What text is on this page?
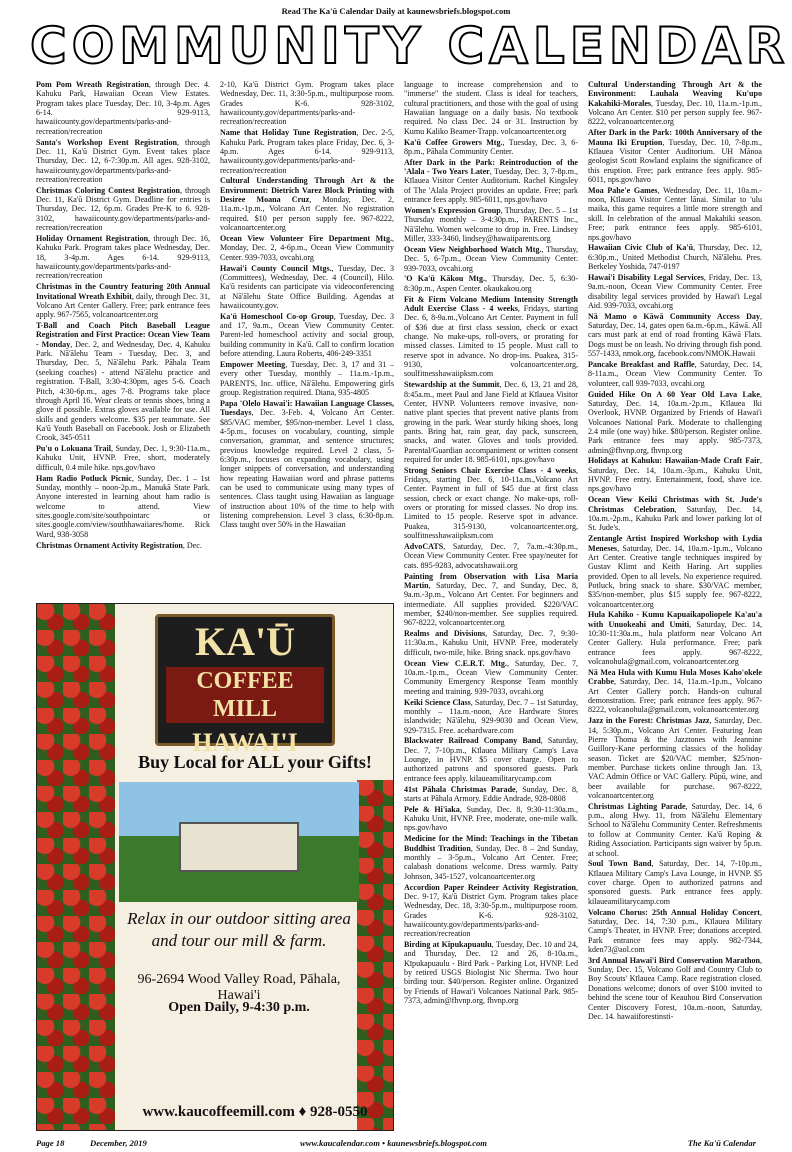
Read The Ka'ū Calendar Daily at kaunewsbriefs.blogspot.com
COMMUNITY CALENDAR
Pom Pom Wreath Registration, through Dec. 4. Kahuku Park, Hawaiian Ocean View Estates. Program takes place Tuesday, Dec. 10, 3-4p.m. Ages 6-14. 929-9113, hawaiicounty.gov/departments/parks-and-recreation/recreation
Santa's Workshop Event Registration, through Dec. 11, Ka'ū District Gym. Event takes place Thursday, Dec. 12, 6-7:30p.m. All ages. 928-3102, hawaiicounty.gov/departments/parks-and-recreation/recreation
Christmas Coloring Contest Registration, through Dec. 11, Ka'ū District Gym. Deadline for entries is Thursday, Dec. 12, 6p.m. Grades Pre-K to 6. 928-3102, hawaiicounty.gov/departments/parks-and-recreation/recreation
Holiday Ornament Registration, through Dec. 16, Kahuku Park. Program takes place Wednesday, Dec. 18, 3-4p.m. Ages 6-14. 929-9113, hawaiicounty.gov/departments/parks-and-recreation/recreation
Christmas in the Country featuring 20th Annual Invitational Wreath Exhibit, daily, through Dec. 31, Volcano Art Center Gallery. Free; park entrance fees apply. 967-7565, volcanoartcenter.org
T-Ball and Coach Pitch Baseball League Registration and First Practice: Ocean View Team - Monday, Dec. 2, and Wednesday, Dec. 4, Kahuku Park. Nā'ālehu Team - Tuesday, Dec. 3, and Thursday, Dec. 5, Nā'ālehu Park. Pāhala Team (seeking coaches) - attend Nā'ālehu practice and registration. T-Ball, 3:30-4:30pm, ages 5-6. Coach Pitch, 4:30-6p.m., ages 7-8. Programs take place through April 16. Wear cleats or tennis shoes, bring a glove if possible. Extras gloves available for use. All skills and genders welcome. $35 per teammate. See Ka'ū Youth Baseball on Facebook. Josh or Elizabeth Crook, 345-0511
Pu'u o Lokuana Trail, Sunday, Dec. 1, 9:30-11a.m., Kahuku Unit, HVNP. Free, short, moderately difficult, 0.4 mile hike. nps.gov/havo
Ham Radio Potluck Picnic, Sunday, Dec. 1 – 1st Sunday, monthly – noon-2p.m., Manukā State Park. Anyone interested in learning about ham radio is welcome to attend. View sites.google.com/site/southpointarc or sites.google.com/view/southhawaiiares/home. Rick Ward, 938-3058
Christmas Ornament Activity Registration, Dec.
2-10, Ka'ū District Gym. Program takes place Wednesday, Dec. 11, 3:30-5p.m., multipurpose room. Grades K-6. 928-3102, hawaiicounty.gov/departments/parks-and-recreation/recreation
Name that Holiday Tune Registration, Dec. 2-5, Kahuku Park. Program takes place Friday, Dec. 6, 3-4p.m. Ages 6-14. 929-9113, hawaiicounty.gov/departments/parks-and-recreation/recreation
Cultural Understanding Through Art & the Environment: Dietrich Varez Block Printing with Desiree Moana Cruz, Monday, Dec. 2, 11a.m.-1p.m., Volcano Art Center. No registration required. $10 per person supply fee. 967-8222, volcanoartcenter.org
Ocean View Volunteer Fire Department Mtg., Monday, Dec. 2, 4-6p.m., Ocean View Community Center. 939-7033, ovcahi.org
Hawai'i County Council Mtgs., Tuesday, Dec. 3 (Committees), Wednesday, Dec. 4 (Council), Hilo. Ka'ū residents can participate via videoconferencing at Nā'ālehu State Office Building. Agendas at hawaiicounty.gov.
Ka'ū Homeschool Co-op Group, Tuesday, Dec. 3 and 17, 9a.m., Ocean View Community Center. Parent-led homeschool activity and social group, building community in Ka'ū. Call to confirm location before attending. Laura Roberts, 406-249-3351
Empower Meeting, Tuesday, Dec. 3, 17 and 31 – every other Tuesday, monthly – 11a.m.-1p.m., PARENTS, Inc. office, Nā'ālehu. Empowering girls group. Registration required. Diana, 935-4805
Papa 'Olelo Hawai'i: Hawaiian Language Classes, Tuesdays, Dec. 3-Feb. 4, Volcano Art Center. $85/VAC member, $95/non-member. Level 1 class, 4-5p.m., focuses on vocabulary, counting, simple conversation, grammar, and sentence structures; previous knowledge required. Level 2 class, 5-6:30p.m., focuses on expanding vocabulary, using longer snippets of conversation, and understanding how repeating Hawaiian word and phrase patterns can be used to communicate using many types of sentences. Class taught using Hawaiian as language of instruction about 10% of the time to help with listening comprehension. Level 3 class, 6:30-8p.m. Class taught over 50% in the Hawaiian
language to increase comprehension and to "immerse" the student. Class is ideal for teachers, cultural practitioners, and those with the goal of using Hawaiian language on a daily basis. No textbook required. No class Dec. 24 or 31. Instruction by Kumu Kaliko Beamer-Trapp. volcanoartcenter.org
Ka'ū Coffee Growers Mtg., Tuesday, Dec. 3, 6-8p.m., Pāhala Community Center.
After Dark in the Park: Reintroduction of the 'Alala - Two Years Later, Tuesday, Dec. 3, 7-8p.m., Kīlauea Visitor Center Auditorium. Rachel Kingsley of The 'Alala Project provides an update. Free; park entrance fees apply. 985-6011, nps.gov/havo
Women's Expression Group, Thursday, Dec. 5 – 1st Thursday monthly – 3-4:30p.m., PARENTS Inc., Nā'ālehu. Women welcome to drop in. Free. Lindsey Miller, 333-3460, lindsey@hawaiiparents.org
Ocean View Neighborhood Watch Mtg., Thursday, Dec. 5, 6-7p.m., Ocean View Community Center. 939-7033, ovcahi.org
'O Ka'ū Kākou Mtg., Thursday, Dec. 5, 6:30-8:30p.m., Aspen Center. okaukakou.org
Fit & Firm Volcano Medium Intensity Strength Adult Exercise Class - 4 weeks, Fridays, starting Dec. 6, 8-9a.m.,Volcano Art Center. Payment in full of $36 due at first class session, check or exact change. No make-ups, roll-overs, or prorating for missed classes. Limited to 15 people. Must call to reserve spot in advance. No drop-ins. Puakea, 315-9130, volcanoartcenter.org, soulfitnesshawaiipksm.com
Stewardship at the Summit, Dec. 6, 13, 21 and 28, 8:45a.m., meet Paul and Jane Field at Kīlauea Visitor Center, HVNP. Volunteers remove invasive, non-native plant species that prevent native plants from growing in the park. Wear sturdy hiking shoes, long pants. Bring hat, rain gear, day pack, sunscreen, snacks, and water. Gloves and tools provided. Parental/Guardian accompaniment or written consent required for under 18. 985-6101, nps.gov/havo
Strong Seniors Chair Exercise Class - 4 weeks, Fridays, starting Dec. 6, 10-11a.m.,Volcano Art Center. Payment in full of $45 due at first class session, check or exact change. No make-ups, roll-overs or prorating for missed classes. No drop ins. Limited to 15 people. Reserve spot in advance. Puakea, 315-9130, volcanoartcenter.org, soulfitnesshawaiipksm.com
AdvoCATS, Saturday, Dec. 7, 7a.m.-4:30p.m., Ocean View Community Center. Free spay/neuter for cats. 895-9283, advocatshawaii.org
Painting from Observation with Lisa Maria Martin, Saturday, Dec. 7, and Sunday, Dec. 8, 9a.m.-3p.m., Volcano Art Center. For beginners and intermediate. All supplies provided. $220/VAC member, $240/non-member. See supplies required. 967-8222, volcanoartcenter.org
Realms and Divisions, Saturday, Dec. 7, 9:30-11:30a.m., Kahuku Unit, HVNP. Free, moderately difficult, two-mile, hike. Bring snack. nps.gov/havo
Ocean View C.E.R.T. Mtg., Saturday, Dec. 7, 10a.m.-1p.m., Ocean View Community Center. Community Emergency Response Team monthly meeting and training. 939-7033, ovcahi.org
Keiki Science Class, Saturday, Dec. 7 – 1st Saturday, monthly – 11a.m.-noon, Ace Hardware Stores islandwide; Nā'ālehu, 929-9030 and Ocean View, 929-7315. Free. acehardware.com
Blackwater Railroad Company Band, Saturday, Dec. 7, 7-10p.m., Kīlauea Military Camp's Lava Lounge, in HVNP. $5 cover charge. Open to authorized patrons and sponsored guests. Park entrance fees apply. kilaueamilitarycamp.com
41st Pāhala Christmas Parade, Sunday, Dec. 8, starts at Pāhala Armory. Eddie Andrade, 928-0808
Pele & Hi'iaka, Sunday, Dec. 8, 9:30-11:30a.m., Kahuku Unit, HVNP. Free, moderate, one-mile walk. nps.gov/havo
Medicine for the Mind: Teachings in the Tibetan Buddhist Tradition, Sunday, Dec. 8 – 2nd Sunday, monthly – 3-5p.m., Volcano Art Center. Free; calabash donations welcome. Dress warmly. Patty Johnson, 345-1527, volcanoartcenter.org
Accordion Paper Reindeer Activity Registration, Dec. 9-17, Ka'ū District Gym. Program takes place Wednesday, Dec. 18, 3:30-5p.m., multipurpose room. Grades K-6. 928-3102, hawaiicounty.gov/departments/parks-and-recreation/recreation
Birding at Kīpukapuaulu, Tuesday, Dec. 10 and 24, and Thursday, Dec. 12 and 26, 8-10a.m., Kīpukapuaulu - Bird Park - Parking Lot, HVNP. Led by retired USGS Biologist Nic Sherma. Two hour birding tour. $40/person. Register online. Organized by Friends of Hawai'i Volcanoes National Park. 985-7373, admin@fhvnp.org, fhvnp.org
Cultural Understanding Through Art & the Environment: Lauhala Weaving Ku'upo Kakahiki-Morales, Tuesday, Dec. 10, 11a.m.-1p.m., Volcano Art Center. $10 per person supply fee. 967-8222, volcanoartcenter.org
After Dark in the Park: 100th Anniversary of the Mauna Iki Eruption, Tuesday, Dec. 10, 7-8p.m., Kīlauea Visitor Center Auditorium. UH Mānoa geologist Scott Rowland explains the significance of this eruption. Free; park entrance fees apply. 985-6011, nps.gov/havo
Moa Pahe'e Games, Wednesday, Dec. 11, 10a.m.-noon, Kīlauea Visitor Center lānai. Similar to 'ulu maika, this game requires a little more strength and skill. In celebration of the annual Makahiki season. Free; park entrance fees apply. 985-6101, nps.gov/havo
Hawaiian Civic Club of Ka'ū, Thursday, Dec. 12, 6:30p.m., United Methodist Church, Nā'ālehu. Pres. Berkeley Yoshida, 747-0197
Hawai'i Disability Legal Services, Friday, Dec. 13, 9a.m.-noon, Ocean View Community Center. Free disability legal services provided by Hawai'i Legal Aid. 939-7033, ovcahi.org
Nā Mamo o Kāwā Community Access Day, Saturday, Dec. 14, gates open 6a.m.-6p.m., Kāwā. All cars must park at end of road fronting Kāwā Flats. Dogs must be on leash. No driving through fish pond. 557-1433, nmok.org, facebook.com/NMOK.Hawaii
Pancake Breakfast and Raffle, Saturday, Dec. 14, 8-11a.m., Ocean View Community Center. To volunteer, call 939-7033, ovcahi.org
Guided Hike On A 60 Year Old Lava Lake, Saturday, Dec. 14, 10a.m.-2p.m., Kīlauea Iki Overlook, HVNP. Organized by Friends of Hawai'i Volcanoes National Park. Moderate to challenging 2.4 mile (one way) hike. $80/person. Register online. Park entrance fees may apply. 985-7373, admin@fhvnp.org, fhvnp.org
Holidays at Kahuku: Hawaiian-Made Craft Fair, Saturday, Dec. 14, 10a.m.-3p.m., Kahuku Unit, HVNP. Free entry. Entertainment, food, shave ice. nps.gov/havo
Ocean View Keiki Christmas with St. Jude's Christmas Celebration, Saturday, Dec. 14, 10a.m.-2p.m., Kahuku Park and lower parking lot of St. Jude's.
Zentangle Artist Inspired Workshop with Lydia Meneses, Saturday, Dec. 14, 10a.m.-1p.m., Volcano Art Center. Creative tangle techniques inspired by Gustav Klimt and Keith Haring. Art supplies provided. Open to all levels. No experience required. Potluck, bring snack to share. $30/VAC member, $35/non-member, plus $15 supply fee. 967-8222, volcanoartcenter.org
Hula Kahiko - Kumu Kapuaikapoliopele Ka'au'a with Unuokeahi and Umiti, Saturday, Dec. 14, 10:30-11:30a.m., hula platform near Volcano Art Center Gallery. Hula performance. Free; park entrance fees apply. 967-8222, volcanohula@gmail.com, volcanoartcenter.org
Nā Mea Hula with Kumu Hula Moses Kaho'okele Crabbe, Saturday, Dec. 14, 11a.m.-1p.m., Volcano Art Center Gallery porch. Hands-on cultural demonstration. Free; park entrance fees apply. 967-8222, volcanohula@gmail.com, volcanoartcenter.org
Jazz in the Forest: Christmas Jazz, Saturday, Dec. 14, 5:30p.m., Volcano Art Center. Featuring Jean Pierre Thoma & the Jazztones with Jeannine Guillory-Kane performing classics of the holiday season. Ticket are $20/VAC member, $25/non-member. Purchase tickets online through Jan. 13, VAC Admin Office or VAC Gallery. Pūpū, wine, and beer available for purchase. 967-8222, volcanoartcenter.org
Christmas Lighting Parade, Saturday, Dec. 14, 6 p.m., along Hwy. 11, from Nā'ālehu Elementary School to Nā'ālehu Community Center. Refreshments to follow at Community Center. Ka'ū Roping & Riding Association. Participants sign waiver by 5p.m. at school.
Soul Town Band, Saturday, Dec. 14, 7-10p.m., Kīlauea Military Camp's Lava Lounge, in HVNP. $5 cover charge. Open to authorized patrons and sponsored guests. Park entrance fees apply. kilaueamilitarycamp.com
Volcano Chorus: 25th Annual Holiday Concert, Saturday, Dec. 14, 7:30 p.m., Kīlauea Military Camp's Theater, in HVNP. Free; donations accepted. Park entrance fees may apply. 982-7344, kden73@aol.com
3rd Annual Hawai'i Bird Conservation Marathon, Sunday, Dec. 15, Volcano Golf and Country Club to Boy Scouts' Kīlauea Camp. Race registration closed. Donations welcome; donors of over $100 invited to behind the scene tour of Keauhou Bird Conservation Center Discovery Forest, 10a.m.-noon, Saturday, Dec. 14. hawaiiforestinsti-
KA'Ū
COFFEE MILL
HAWAI'I
Buy Local for ALL your Gifts!
Relax in our outdoor sitting area and tour our mill & farm.
96-2694 Wood Valley Road, Pāhala, Hawai'i
Open Daily, 9-4:30 p.m.
www.kaucoffeemill.com ♦ 928-0550
Page 18	December, 2019	www.kaucalendar.com • kaunewsbriefs.blogspot.com	The Ka'ū Calendar
